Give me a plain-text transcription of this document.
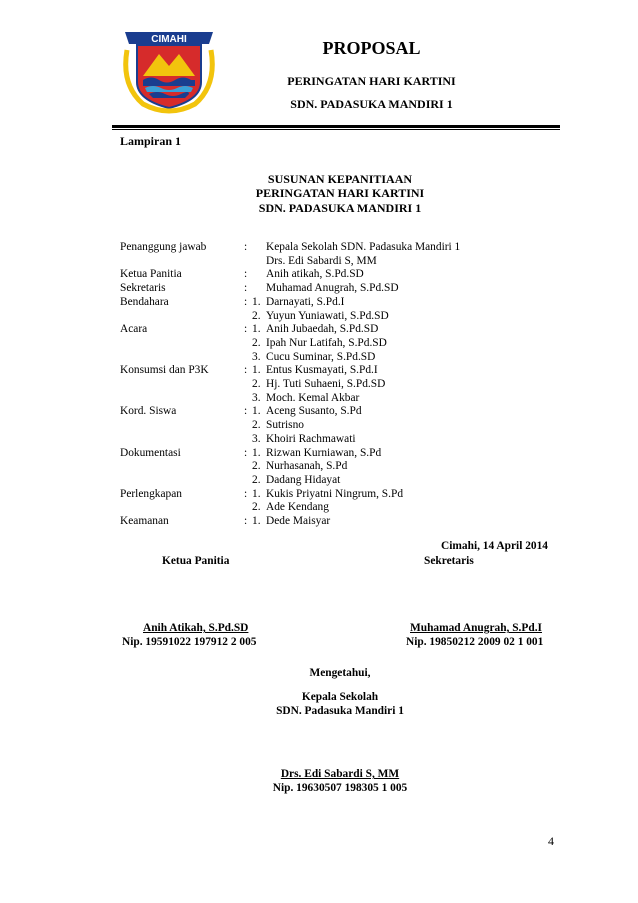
CIMAHI	PROPOSAL
PERINGATAN HARI KARTINI
SDN. PADASUKA MANDIRI 1
Lampiran 1
SUSUNAN KEPANITIAAN
PERINGATAN HARI KARTINI
SDN. PADASUKA MANDIRI 1
Penanggung jawab	: Kepala Sekolah SDN. Padasuka Mandiri 1
Drs. Edi Sabardi S, MM
Ketua Panitia	: Anih atikah, S.Pd.SD
Sekretaris	: Muhamad Anugrah, S.Pd.SD
Bendahara	: 1. Darnayati, S.Pd.I
2. Yuyun Yuniawati, S.Pd.SD
Acara	: 1. Anih Jubaedah, S.Pd.SD
2. Ipah Nur Latifah, S.Pd.SD
3. Cucu Suminar, S.Pd.SD
Konsumsi dan P3K	: 1. Entus Kusmayati, S.Pd.I
2. Hj. Tuti Suhaeni, S.Pd.SD
3. Moch. Kemal Akbar
Kord. Siswa	: 1. Aceng Susanto, S.Pd
2. Sutrisno
3. Khoiri Rachmawati
Dokumentasi	: 1. Rizwan Kurniawan, S.Pd
2. Nurhasanah, S.Pd
2. Dadang Hidayat
Perlengkapan	: 1. Kukis Priyatni Ningrum, S.Pd
2. Ade Kendang
Keamanan	: 1. Dede Maisyar
Cimahi, 14 April 2014
Ketua Panitia	Sekretaris
Anih Atikah, S.Pd.SD
Nip. 19591022 197912 2 005
Muhamad Anugrah, S.Pd.I
Nip. 19850212 2009 02 1 001
Mengetahui,
Kepala Sekolah
SDN. Padasuka Mandiri 1
Drs. Edi Sabardi S, MM
Nip. 19630507 198305 1 005
4
